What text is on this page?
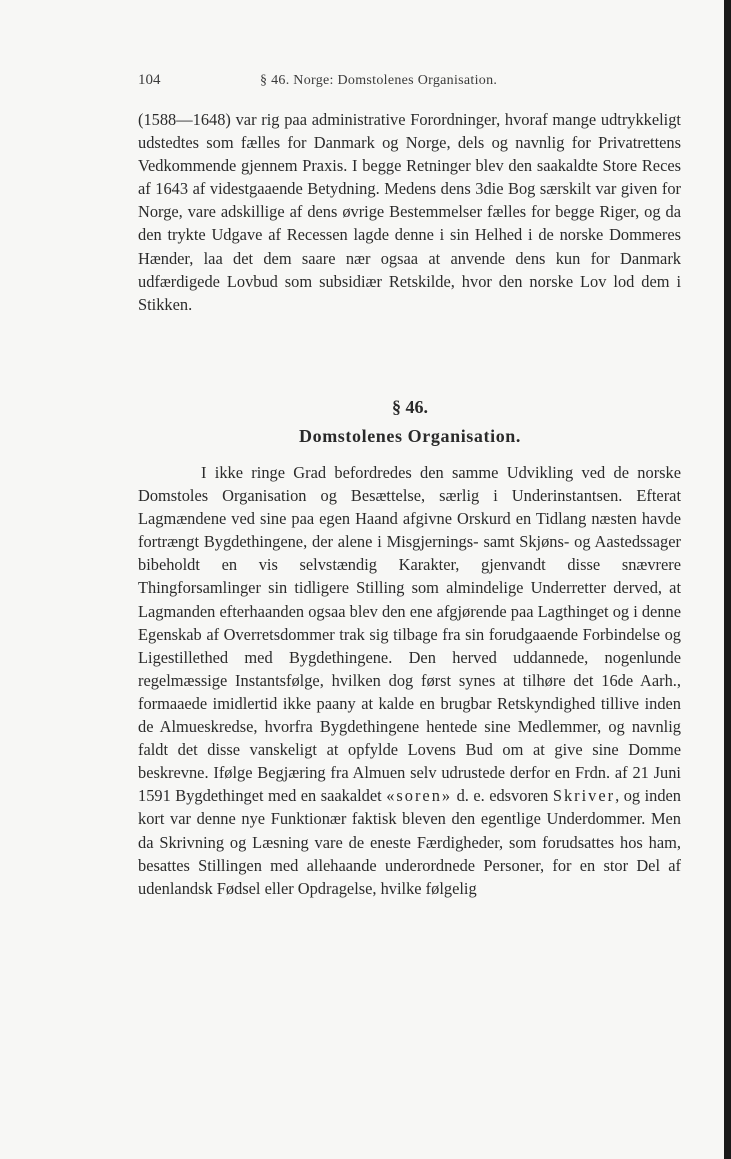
104	§ 46. Norge: Domstolenes Organisation.

(1588—1648) var rig paa administrative Forordninger, hvoraf mange udtrykkeligt udstedtes som fælles for Danmark og Norge, dels og navnlig for Privatrettens Vedkommende gjennem Praxis. I begge Retninger blev den saakaldte Store Reces af 1643 af videstgaaende Betydning. Medens dens 3die Bog særskilt var given for Norge, vare adskillige af dens øvrige Bestemmelser fælles for begge Riger, og da den trykte Udgave af Recessen lagde denne i sin Helhed i de norske Dommeres Hænder, laa det dem saare nær ogsaa at anvende dens kun for Danmark udfærdigede Lovbud som subsidiær Retskilde, hvor den norske Lov lod dem i Stikken.

§ 46.
Domstolenes Organisation.

I ikke ringe Grad befordredes den samme Udvikling ved de norske Domstoles Organisation og Besættelse, særlig i Underinstantsen. Efterat Lagmændene ved sine paa egen Haand afgivne Orskurd en Tidlang næsten havde fortrængt Bygdethingene, der alene i Misgjernings- samt Skjøns- og Aastedssager bibeholdt en vis selvstændig Karakter, gjenvandt disse snævrere Thingforsamlinger sin tidligere Stilling som almindelige Underretter derved, at Lagmanden efterhaanden ogsaa blev den ene afgjørende paa Lagthinget og i denne Egenskab af Overretsdommer trak sig tilbage fra sin forudgaaende Forbindelse og Ligestillethed med Bygdethingene. Den herved uddannede, nogenlunde regelmæssige Instantsfølge, hvilken dog først synes at tilhøre det 16de Aarh., formaaede imidlertid ikke paany at kalde en brugbar Retskyndighed tillive inden de Almueskredse, hvorfra Bygdethingene hentede sine Medlemmer, og navnlig faldt det disse vanskeligt at opfylde Lovens Bud om at give sine Domme beskrevne. Ifølge Begjæring fra Almuen selv udrustede derfor en Frdn. af 21 Juni 1591 Bygdethinget med en saakaldet «soren» d. e. edsvoren Skriver, og inden kort var denne nye Funktionær faktisk bleven den egentlige Underdommer. Men da Skrivning og Læsning vare de eneste Færdigheder, som forudsattes hos ham, besattes Stillingen med allehaande underordnede Personer, for en stor Del af udenlandsk Fødsel eller Opdragelse, hvilke følgelig
